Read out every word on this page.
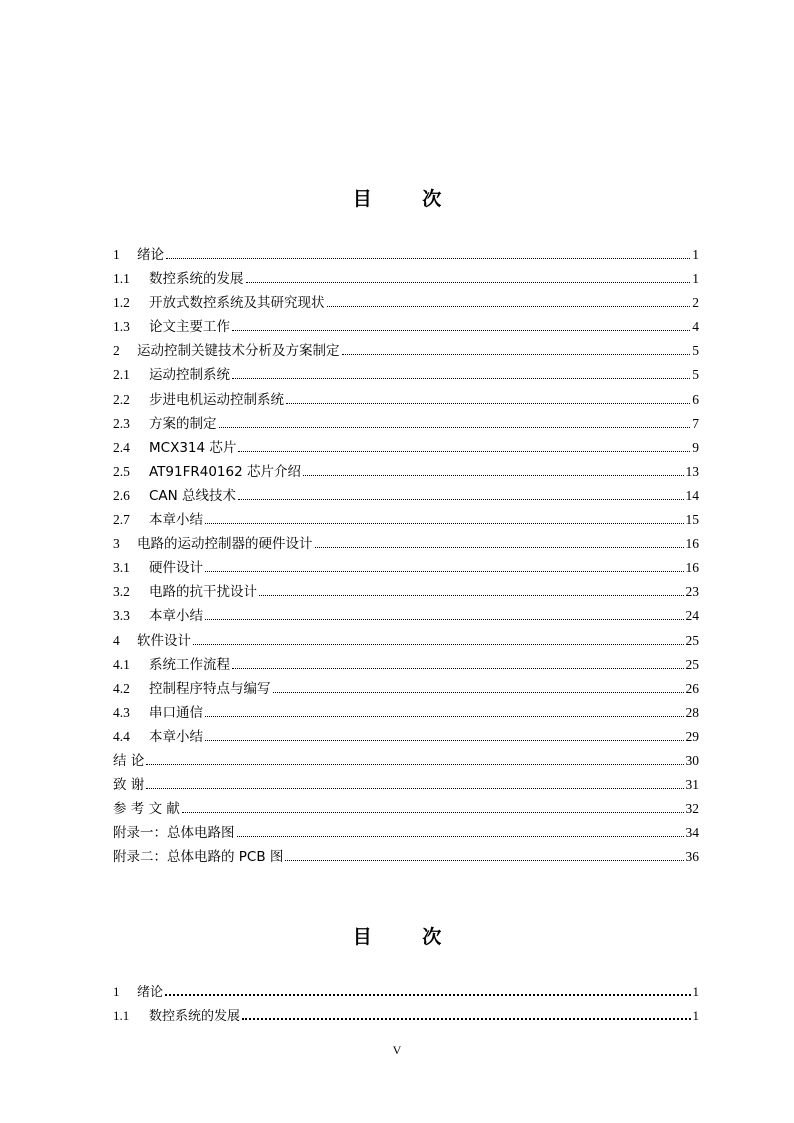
目 次
1	绪论	1
1.1	数控系统的发展	1
1.2	开放式数控系统及其研究现状	2
1.3	论文主要工作	4
2	运动控制关键技术分析及方案制定	5
2.1	运动控制系统	5
2.2	步进电机运动控制系统	6
2.3	方案的制定	7
2.4	MCX314 芯片	9
2.5	AT91FR40162 芯片介绍	13
2.6	CAN 总线技术	14
2.7	本章小结	15
3	电路的运动控制器的硬件设计	16
3.1	硬件设计	16
3.2	电路的抗干扰设计	23
3.3	本章小结	24
4	软件设计	25
4.1	系统工作流程	25
4.2	控制程序特点与编写	26
4.3	串口通信	28
4.4	本章小结	29
结 论	30
致 谢	31
参 考 文 献	32
附录一：总体电路图	34
附录二：总体电路的 PCB 图	36
目 次
1	绪论	1
1.1	数控系统的发展	1
V
